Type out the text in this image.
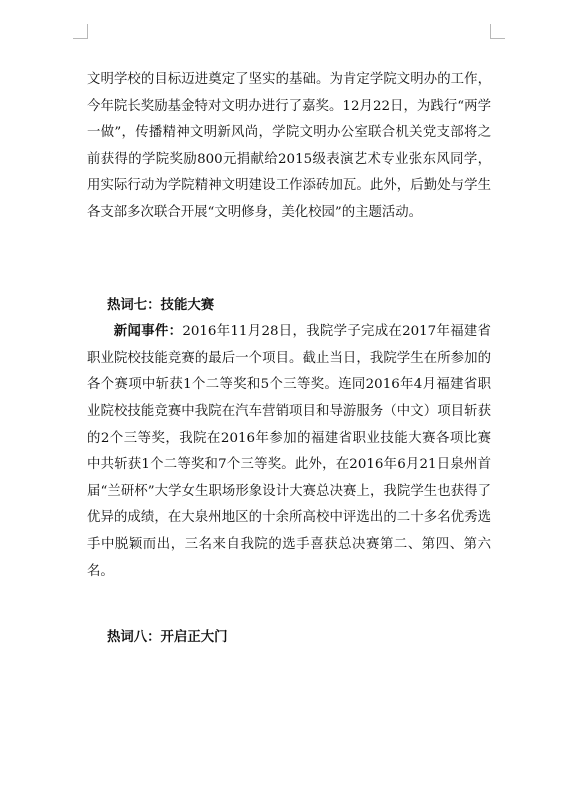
文明学校的目标迈进奠定了坚实的基础。为肯定学院文明办的工作，今年院长奖励基金特对文明办进行了嘉奖。12月22日，为践行“两学一做”，传播精神文明新风尚，学院文明办公室联合机关党支部将之前获得的学院奖励800元捐献给2015级表演艺术专业张东风同学，用实际行动为学院精神文明建设工作添砖加瓦。此外，后勤处与学生各支部多次联合开展“文明修身，美化校园”的主题活动。

热词七：技能大赛

新闻事件：2016年11月28日，我院学子完成在2017年福建省职业院校技能竞赛的最后一个项目。截止当日，我院学生在所参加的各个赛项中斩获1个二等奖和5个三等奖。连同2016年4月福建省职业院校技能竞赛中我院在汽车营销项目和导游服务（中文）项目斩获的2个三等奖，我院在2016年参加的福建省职业技能大赛各项比赛中共斩获1个二等奖和7个三等奖。此外，在2016年6月21日泉州首届“兰研杯”大学女生职场形象设计大赛总决赛上，我院学生也获得了优异的成绩，在大泉州地区的十余所高校中评选出的二十多名优秀选手中脱颖而出，三名来自我院的选手喜获总决赛第二、第四、第六名。

热词八：开启正大门
